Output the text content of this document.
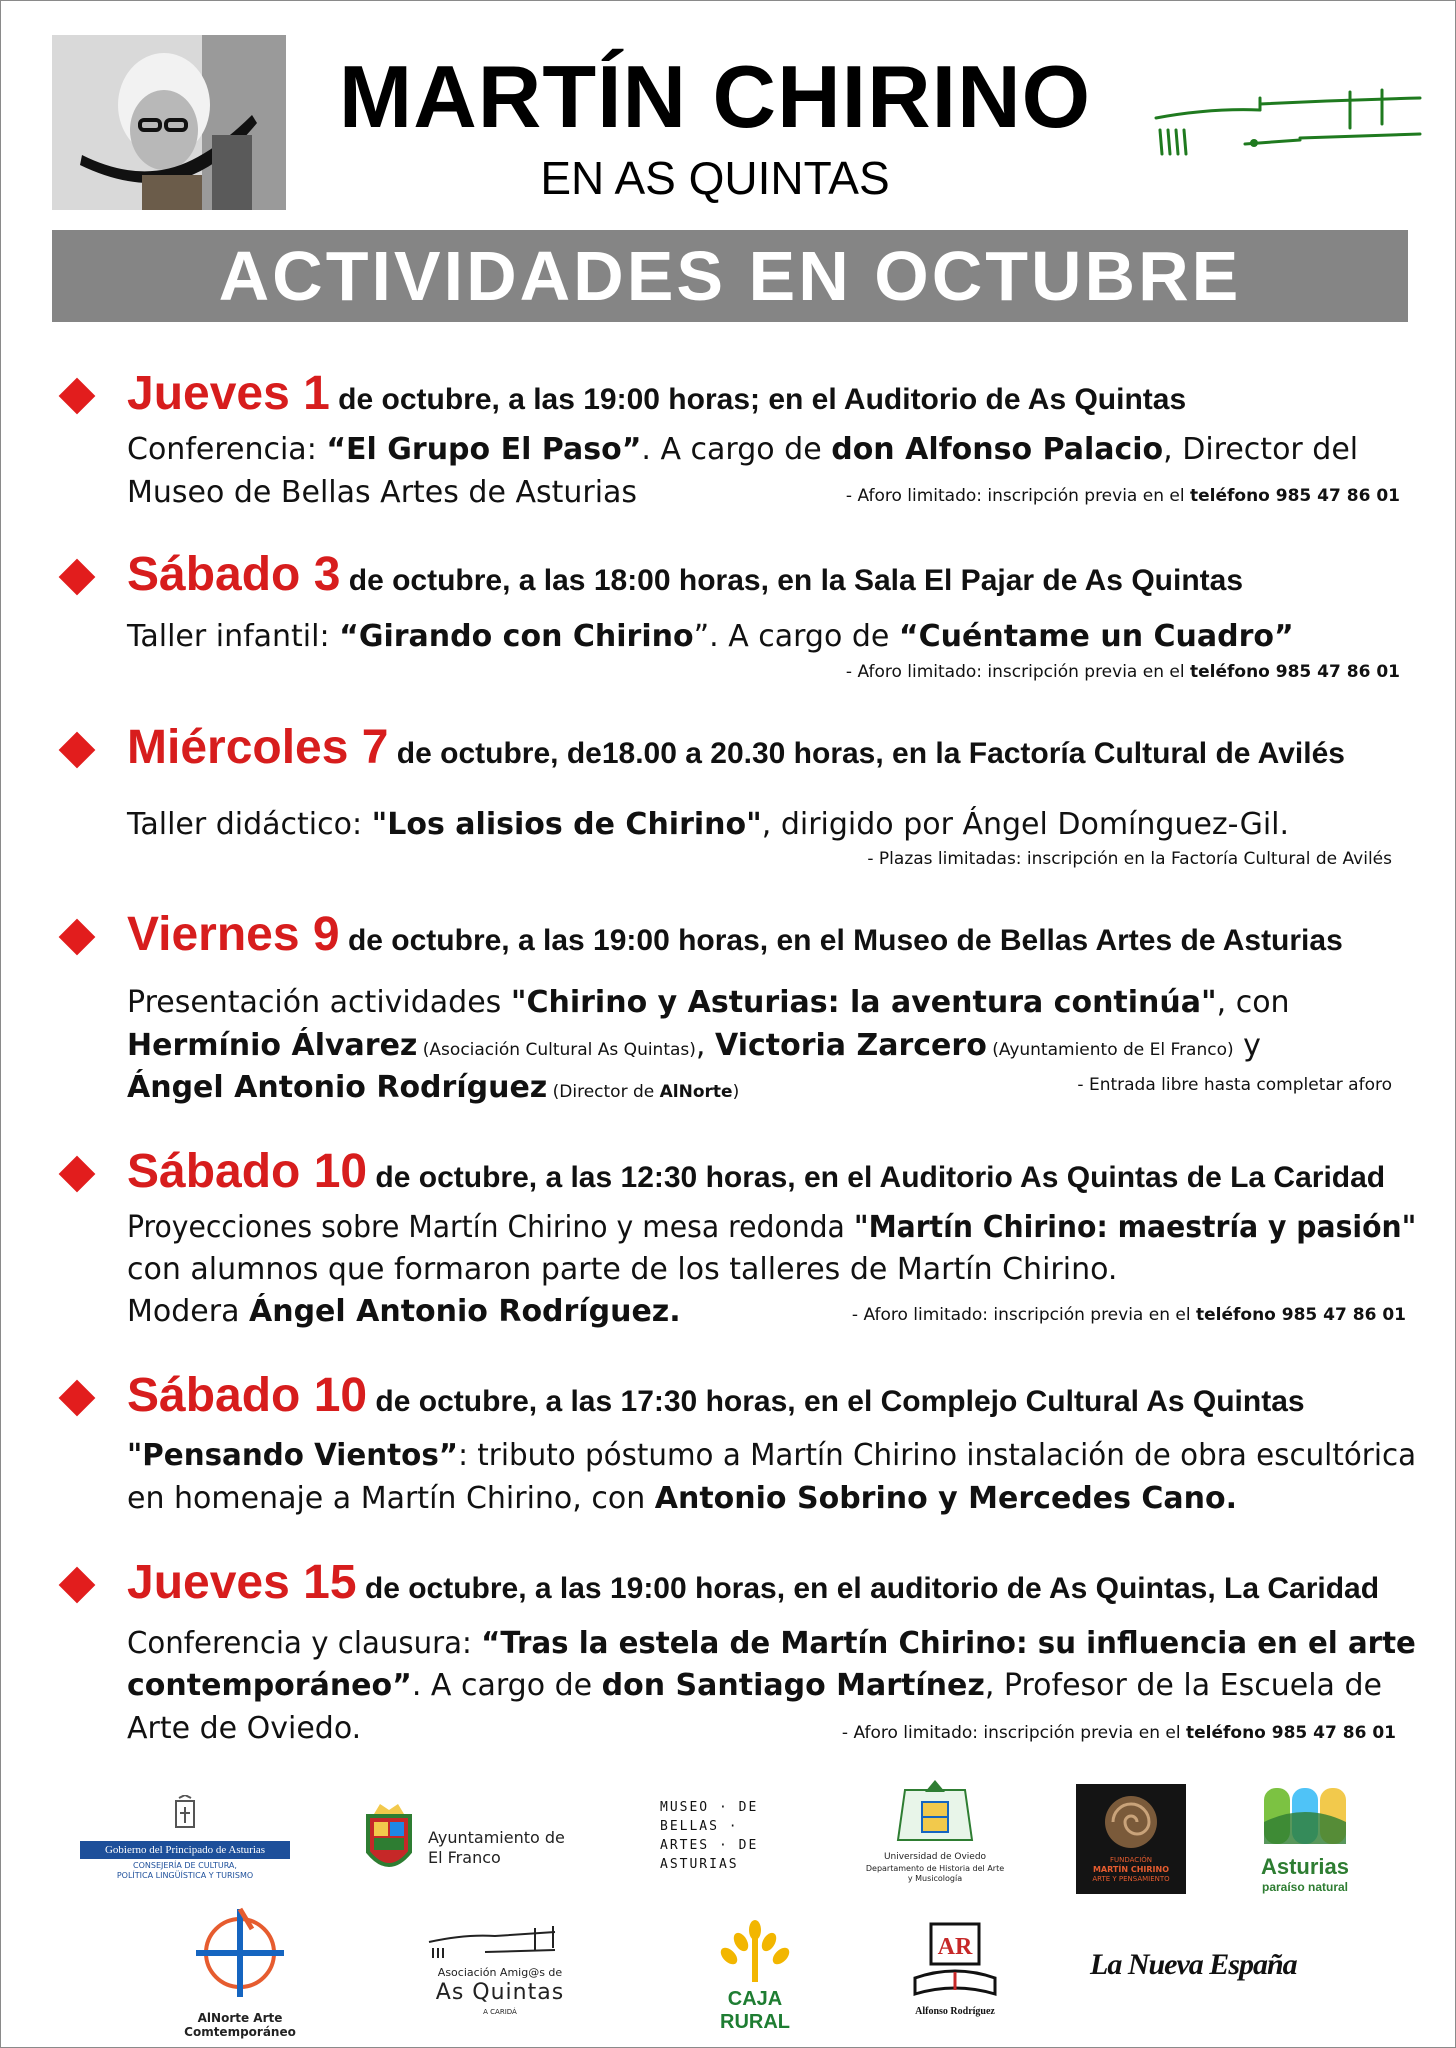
MARTÍN CHIRINO
EN AS QUINTAS
ACTIVIDADES EN OCTUBRE
Jueves 1 de octubre, a las 19:00 horas; en el Auditorio de As Quintas
Conferencia: “El Grupo El Paso”. A cargo de don Alfonso Palacio, Director del
Museo de Bellas Artes de Asturias	- Aforo limitado: inscripción previa en el teléfono 985 47 86 01
Sábado 3 de octubre, a las 18:00 horas, en la Sala El Pajar de As Quintas
Taller infantil: “Girando con Chirino”. A cargo de “Cuéntame un Cuadro”
- Aforo limitado: inscripción previa en el teléfono 985 47 86 01
Miércoles 7 de octubre, de18.00 a 20.30 horas, en la Factoría Cultural de Avilés
Taller didáctico: "Los alisios de Chirino", dirigido por Ángel Domínguez-Gil.
- Plazas limitadas: inscripción en la Factoría Cultural de Avilés
Viernes 9 de octubre, a las 19:00 horas, en el Museo de Bellas Artes de Asturias
Presentación actividades "Chirino y Asturias: la aventura continúa", con
Hermínio Álvarez (Asociación Cultural As Quintas), Victoria Zarcero (Ayuntamiento de El Franco) y
Ángel Antonio Rodríguez (Director de AlNorte)	- Entrada libre hasta completar aforo
Sábado 10 de octubre, a las 12:30 horas, en el Auditorio As Quintas de La Caridad
Proyecciones sobre Martín Chirino y mesa redonda "Martín Chirino: maestría y pasión"
con alumnos que formaron parte de los talleres de Martín Chirino.
Modera Ángel Antonio Rodríguez.	- Aforo limitado: inscripción previa en el teléfono 985 47 86 01
Sábado 10 de octubre, a las 17:30 horas, en el Complejo Cultural As Quintas
"Pensando Vientos”: tributo póstumo a Martín Chirino instalación de obra escultórica
en homenaje a Martín Chirino, con Antonio Sobrino y Mercedes Cano.
Jueves 15 de octubre, a las 19:00 horas, en el auditorio de As Quintas, La Caridad
Conferencia y clausura: “Tras la estela de Martín Chirino: su influencia en el arte
contemporáneo”. A cargo de don Santiago Martínez, Profesor de la Escuela de
Arte de Oviedo.	- Aforo limitado: inscripción previa en el teléfono 985 47 86 01
Gobierno del Principado de Asturias
CONSEJERÍA DE CULTURA,
POLÍTICA LINGÜÍSTICA Y TURISMO
Ayuntamiento de
El Franco
MUSEO · DE
BELLAS ·
ARTES · DE
ASTURIAS	Universidad de Oviedo
Departamento de Historia del Arte
y Musicología
FUNDACIÓN
MARTÍN CHIRINO
ARTE Y PENSAMIENTO	Asturias
paraíso natural
AlNorte Arte Comtemporáneo
Asociación Amig@s de
As Quintas
A CARIDÁ
CAJA RURAL
AR
Alfonso Rodríguez
La Nueva España
